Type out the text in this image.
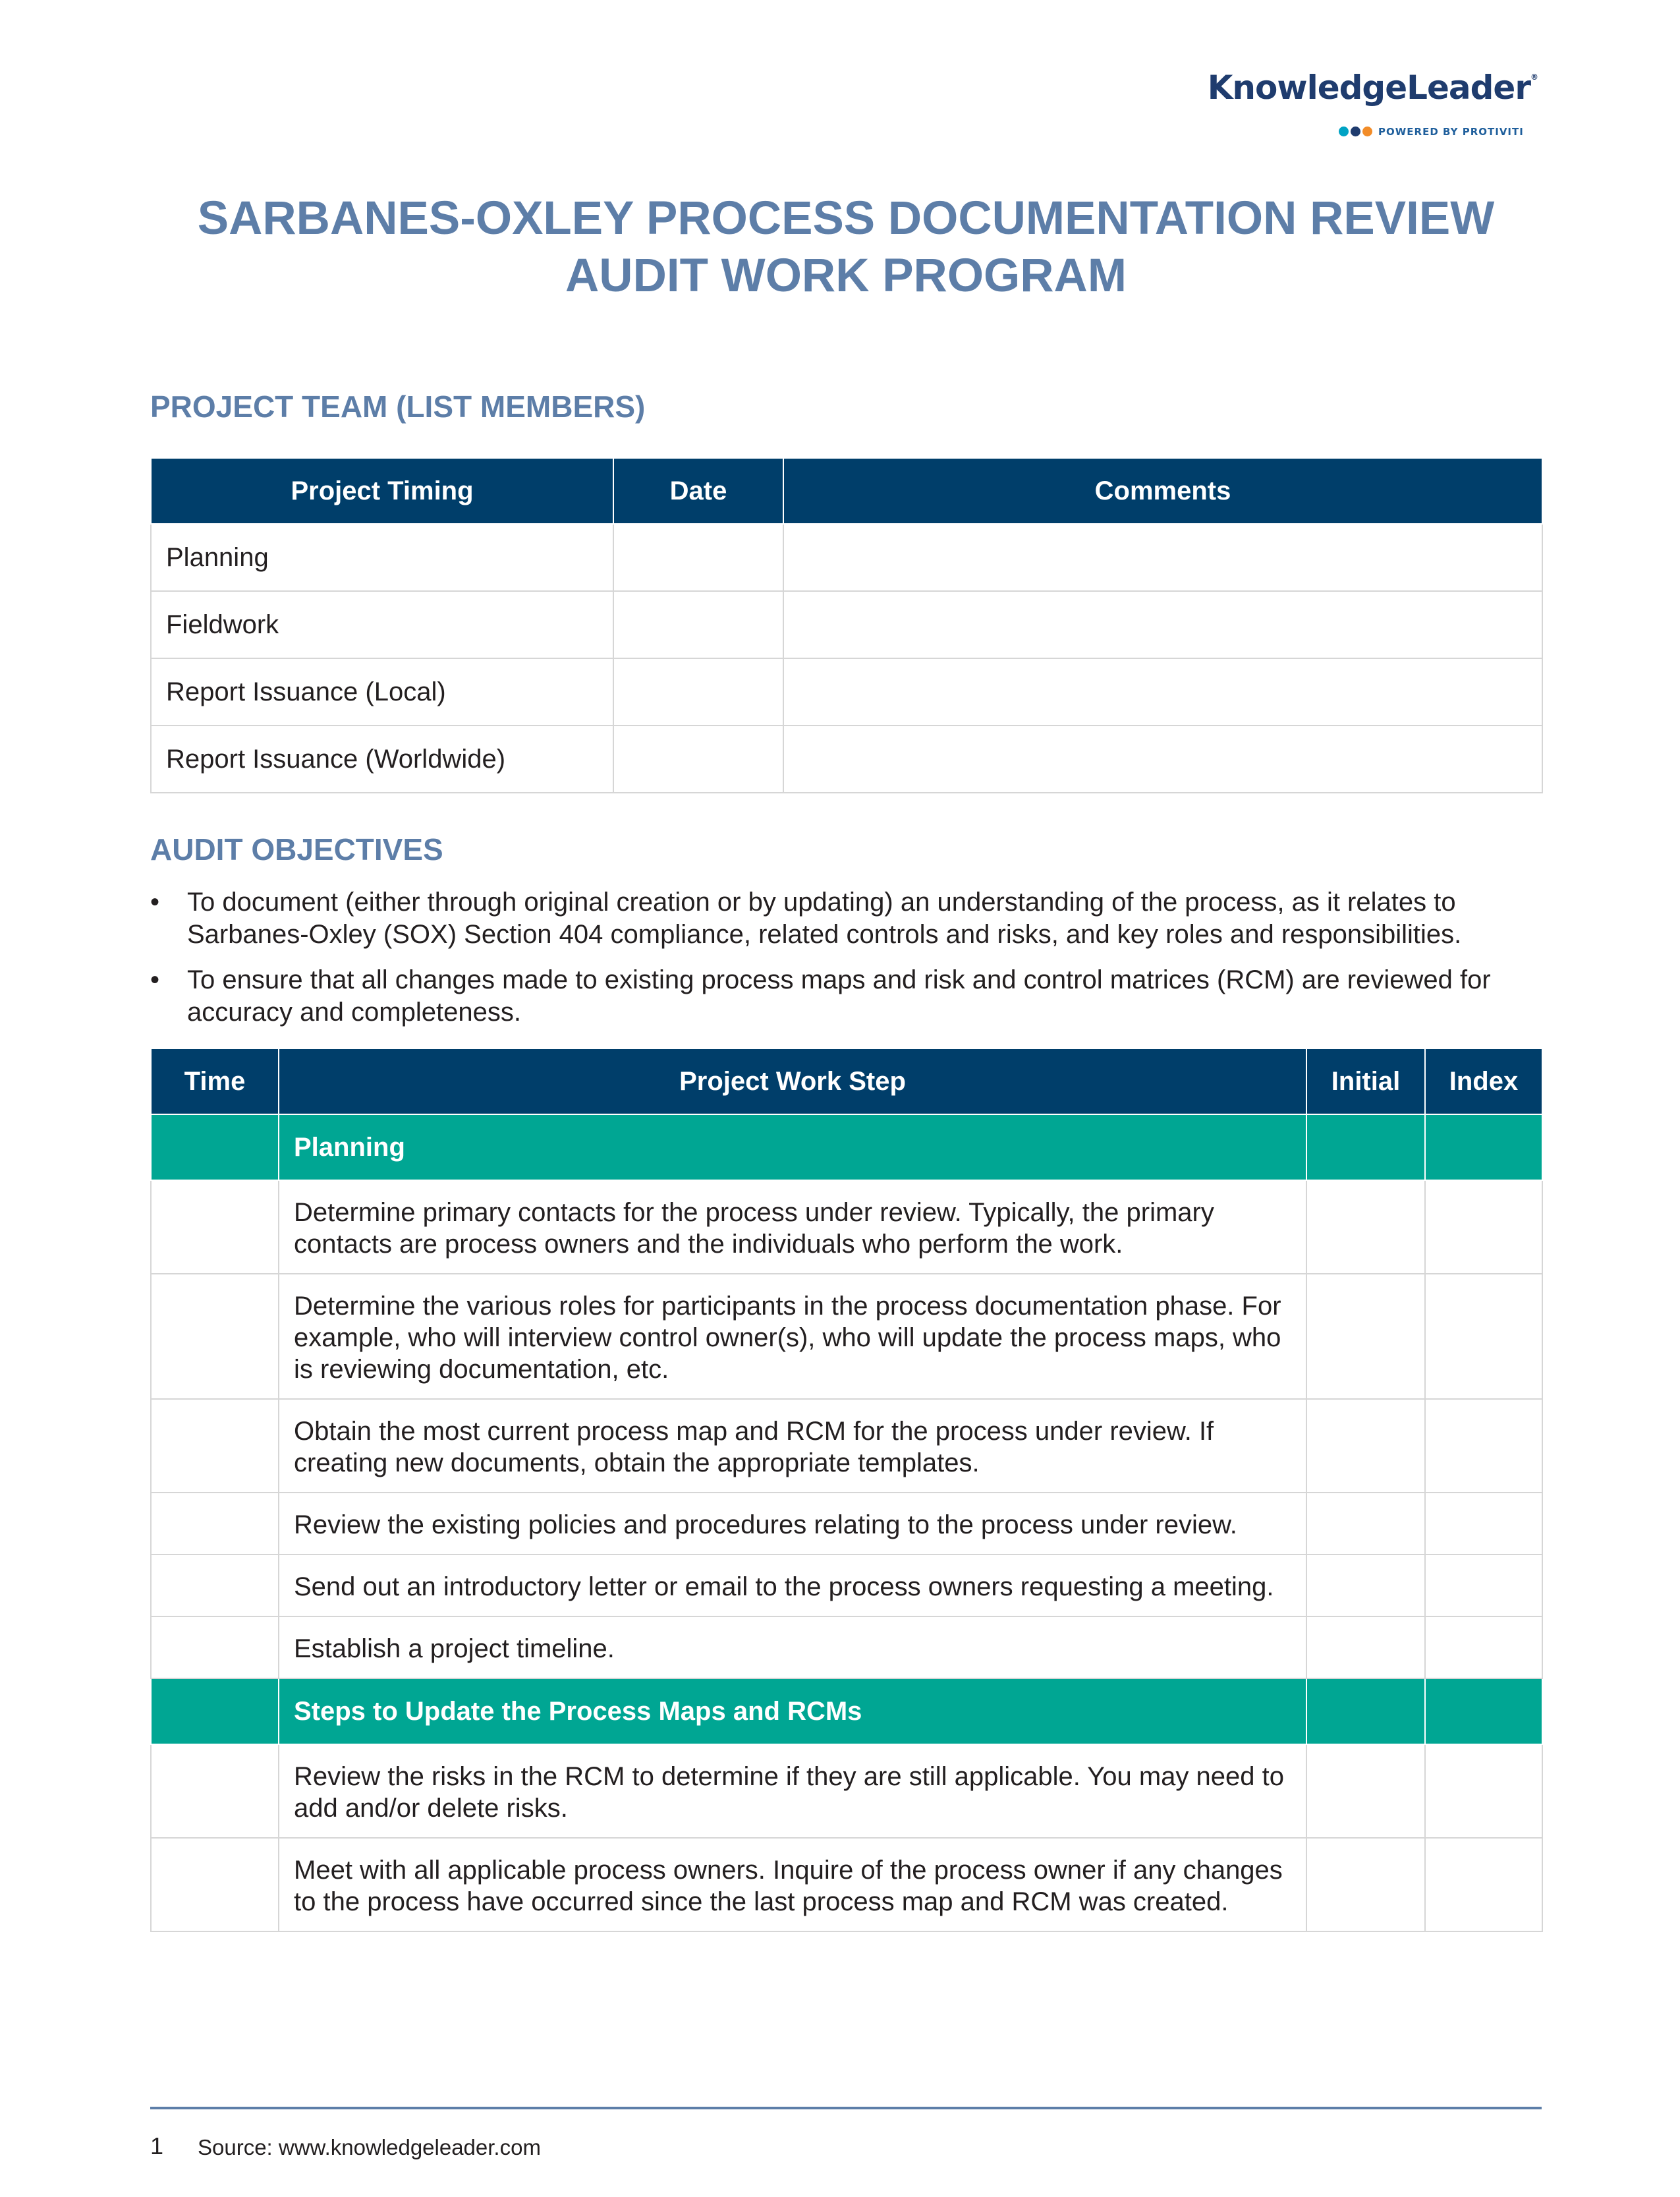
KnowledgeLeader®
POWERED BY PROTIVITI
SARBANES-OXLEY PROCESS DOCUMENTATION REVIEW
AUDIT WORK PROGRAM
PROJECT TEAM (LIST MEMBERS)
Project Timing	Date	Comments
Planning		
Fieldwork		
Report Issuance (Local)		
Report Issuance (Worldwide)		
AUDIT OBJECTIVES
• To document (either through original creation or by updating) an understanding of the process, as it relates to Sarbanes-Oxley (SOX) Section 404 compliance, related controls and risks, and key roles and responsibilities.
• To ensure that all changes made to existing process maps and risk and control matrices (RCM) are reviewed for accuracy and completeness.
Time	Project Work Step	Initial	Index
	Planning		
	Determine primary contacts for the process under review. Typically, the primary contacts are process owners and the individuals who perform the work.		
	Determine the various roles for participants in the process documentation phase. For example, who will interview control owner(s), who will update the process maps, who is reviewing documentation, etc.		
	Obtain the most current process map and RCM for the process under review. If creating new documents, obtain the appropriate templates.		
	Review the existing policies and procedures relating to the process under review.		
	Send out an introductory letter or email to the process owners requesting a meeting.		
	Establish a project timeline.		
	Steps to Update the Process Maps and RCMs		
	Review the risks in the RCM to determine if they are still applicable. You may need to add and/or delete risks.		
	Meet with all applicable process owners. Inquire of the process owner if any changes to the process have occurred since the last process map and RCM was created.		
1 Source: www.knowledgeleader.com
